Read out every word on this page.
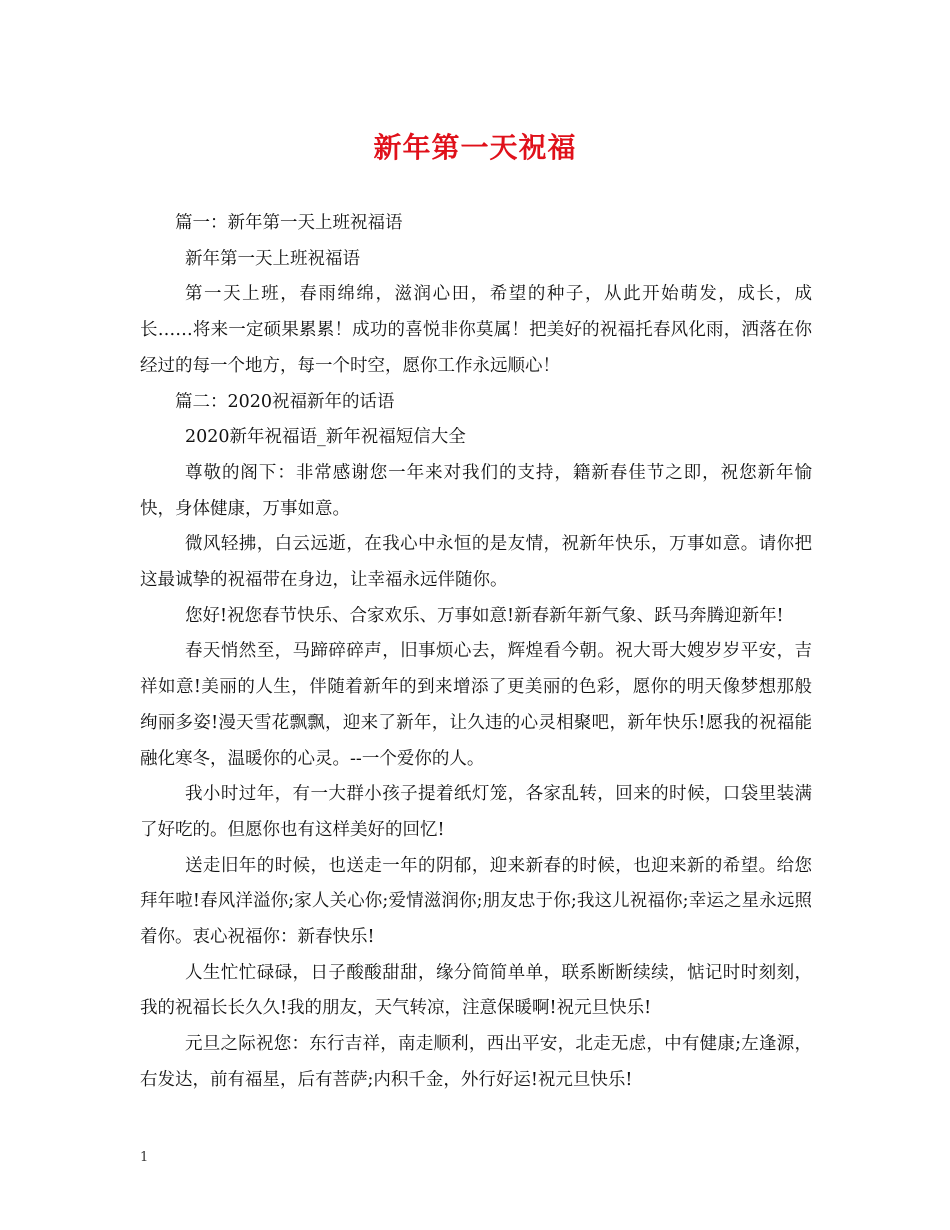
新年第一天祝福

篇一：新年第一天上班祝福语

新年第一天上班祝福语

第一天上班，春雨绵绵，滋润心田，希望的种子，从此开始萌发，成长，成长……将来一定硕果累累！成功的喜悦非你莫属！把美好的祝福托春风化雨，洒落在你经过的每一个地方，每一个时空，愿你工作永远顺心！

篇二：2020祝福新年的话语

2020新年祝福语_新年祝福短信大全

尊敬的阁下：非常感谢您一年来对我们的支持，籍新春佳节之即，祝您新年愉快，身体健康，万事如意。

微风轻拂，白云远逝，在我心中永恒的是友情，祝新年快乐，万事如意。请你把这最诚挚的祝福带在身边，让幸福永远伴随你。

您好!祝您春节快乐、合家欢乐、万事如意!新春新年新气象、跃马奔腾迎新年!

春天悄然至，马蹄碎碎声，旧事烦心去，辉煌看今朝。祝大哥大嫂岁岁平安，吉祥如意!美丽的人生，伴随着新年的到来增添了更美丽的色彩，愿你的明天像梦想那般绚丽多姿!漫天雪花飘飘，迎来了新年，让久违的心灵相聚吧，新年快乐!愿我的祝福能融化寒冬，温暖你的心灵。--一个爱你的人。

我小时过年，有一大群小孩子提着纸灯笼，各家乱转，回来的时候，口袋里装满了好吃的。但愿你也有这样美好的回忆!

送走旧年的时候，也送走一年的阴郁，迎来新春的时候，也迎来新的希望。给您拜年啦!春风洋溢你;家人关心你;爱情滋润你;朋友忠于你;我这儿祝福你;幸运之星永远照着你。衷心祝福你：新春快乐!

人生忙忙碌碌，日子酸酸甜甜，缘分简简单单，联系断断续续，惦记时时刻刻，我的祝福长长久久!我的朋友，天气转凉，注意保暖啊!祝元旦快乐!

元旦之际祝您：东行吉祥，南走顺利，西出平安，北走无虑，中有健康;左逢源，右发达，前有福星，后有菩萨;内积千金，外行好运!祝元旦快乐!

1
